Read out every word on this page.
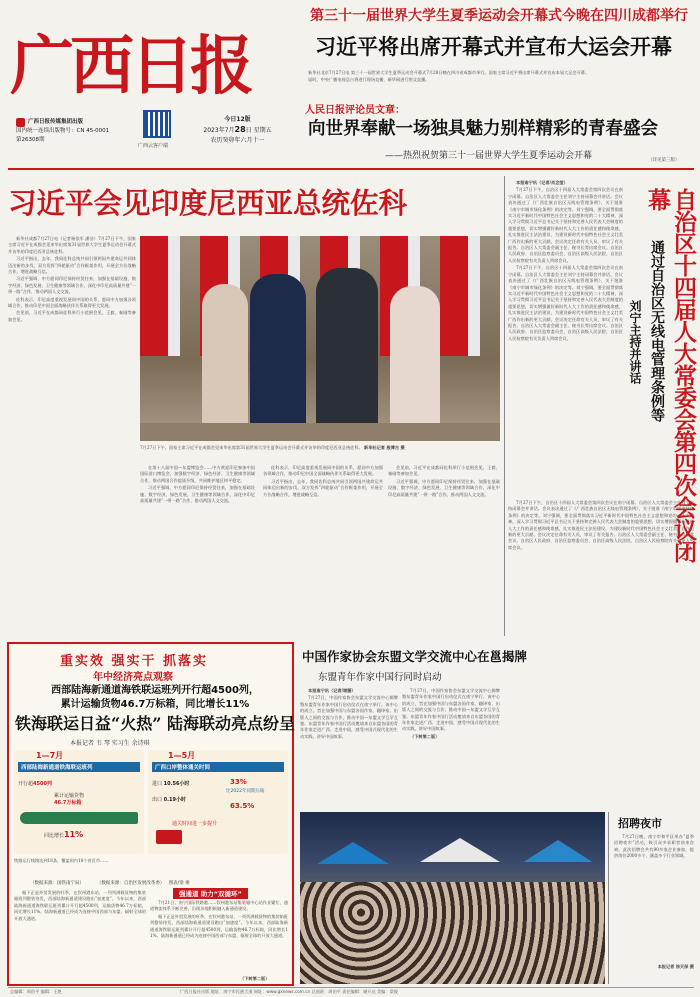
广西日报
广西日报传媒集团出版
国内统一连续出版物号：CN 45-0001
第26308期
广西云客户端
今日12版
2023年7月28日 星期五
农历癸卯年六月十一
第三十一届世界大学生夏季运动会开幕式今晚在四川成都举行
习近平将出席开幕式并宣布大运会开幕

新华社北京7月27日电 第三十一届世界大学生夏季运动会开幕式7月28日晚在四川省成都市举行。国家主席习近平将出席开幕式并宣布本届大运会开幕。

届时，中央广播电视总台将进行现场直播，新华网进行图文直播。

人民日报评论员文章：
向世界奉献一场独具魅力别样精彩的青春盛会
——热烈祝贺第三十一届世界大学生夏季运动会开幕	（详见第三版）
习近平会见印度尼西亚总统佐科

新华社成都7月27日电（记者杨依军 潘洁）7月27日下午，国家主席习近平在成都会见来华出席第31届世界大学生夏季运动会开幕式并访华的印度尼西亚总统佐科。

习近平指出，去年，我同佐科总统共同引领两国共建命运共同体迈出新的步伐，双方发挥“四轮驱动”合作框架作用，开展全方位战略合作，增进战略互信。

习近平强调，中方愿同印尼保持经贸往来，加强在基础设施、数字经济、绿色发展、卫生健康等领域合作，深化中印尼高质量共建“一带一路”合作，推动两国人文交流。

佐科表示，印尼高度重视发展同中国的关系，愿同中方加强各领域合作，推动印尼中国全面战略伙伴关系取得更大发展。

会见前，习近平在成都同佐科举行小范围会见。王毅、秦刚等参加会见。

7月27日下午，国家主席习近平在成都会见来华出席第31届世界大学生夏季运动会开幕式并访华的印度尼西亚总统佐科。 新华社记者 殷博古 摄

在第十八届中国—东盟博览会……中方欢迎印尼参加中国国际进口博览会，加强数字经济、绿色经济、卫生健康等领域合作，推动两国合作提质升级，共同维护地区和平稳定。

习近平强调，中方愿同印尼保持经贸往来，加强在基础设施、数字经济、绿色发展、卫生健康等领域合作，深化中印尼高质量共建“一带一路”合作，推动两国人文交流。

佐科表示，印尼高度重视发展同中国的关系，愿同中方加强各领域合作，推动印尼中国全面战略伙伴关系取得更大发展。

习近平指出，去年，我同佐科总统共同引领两国共建命运共同体迈出新的步伐，双方发挥“四轮驱动”合作框架作用，开展全方位战略合作，增进战略互信。

会见前，习近平在成都同佐科举行小范围会见。王毅、秦刚等参加会见。

习近平强调，中方愿同印尼保持经贸往来，加强在基础设施、数字经济、绿色发展、卫生健康等领域合作，深化中印尼高质量共建“一带一路”合作，推动两国人文交流。

本报南宁讯（记者/肖念莹）

7月27日下午，自治区十四届人大常委会第四次会议在南宁闭幕。自治区人大常委会主任刘宁主持闭幕会并讲话。会议表决通过了《广西壮族自治区无线电管理条例》、关于批准《南宁市城市绿化条例》的决定等。刘宁强调，要全面贯彻落实习近平新时代中国特色社会主义思想和党的二十大精神，深入学习贯彻习近平总书记关于坚持和完善人民代表大会制度的重要思想，切实增强做好新时代人大工作的责任感和使命感，扎实推进民主法治建设，为建设新时代中国特色社会主义壮美广西作出新的更大贡献。会议决定任命有关人员，审议了有关报告。自治区人大常委会副主任、秘书长等出席会议。自治区人民政府、自治区监察委员会、自治区高级人民法院、自治区人民检察院有关负责人列席会议。

7月27日下午，自治区十四届人大常委会第四次会议在南宁闭幕。自治区人大常委会主任刘宁主持闭幕会并讲话。会议表决通过了《广西壮族自治区无线电管理条例》、关于批准《南宁市城市绿化条例》的决定等。刘宁强调，要全面贯彻落实习近平新时代中国特色社会主义思想和党的二十大精神，深入学习贯彻习近平总书记关于坚持和完善人民代表大会制度的重要思想，切实增强做好新时代人大工作的责任感和使命感，扎实推进民主法治建设，为建设新时代中国特色社会主义壮美广西作出新的更大贡献。会议决定任命有关人员，审议了有关报告。自治区人大常委会副主任、秘书长等出席会议。自治区人民政府、自治区监察委员会、自治区高级人民法院、自治区人民检察院有关负责人列席会议。

7月27日下午，自治区十四届人大常委会第四次会议在南宁闭幕。自治区人大常委会主任刘宁主持闭幕会并讲话。会议表决通过了《广西壮族自治区无线电管理条例》、关于批准《南宁市城市绿化条例》的决定等。刘宁强调，要全面贯彻落实习近平新时代中国特色社会主义思想和党的二十大精神，深入学习贯彻习近平总书记关于坚持和完善人民代表大会制度的重要思想，切实增强做好新时代人大工作的责任感和使命感，扎实推进民主法治建设，为建设新时代中国特色社会主义壮美广西作出新的更大贡献。会议决定任命有关人员，审议了有关报告。自治区人大常委会副主任、秘书长等出席会议。自治区人民政府、自治区监察委员会、自治区高级人民法院、自治区人民检察院有关负责人列席会议。	自治区十四届人大常委会第四次会议闭幕
通过自治区无线电管理条例等
刘宁主持并讲话
重实效 强实干 抓落实
年中经济亮点观察
西部陆海新通道海铁联运班列开行超4500列，
累计运输货物46.7万标箱，同比增长11%
铁海联运日益“火热” 陆海联动亮点纷呈
本报记者 韦 琴 实习生 余诗琪
1—7月
西部陆海新通道铁海联运班列
开行超4500列
累计运输货物
46.7万标箱
同比增长11%
1—5月
广西口岸整体通关时间
进口 10.56小时
出口 0.19小时
比2022年同期压缩
33%
63.5%
通关时间进一步提升
铁路运行线路达到18条，覆盖国内18个省区市……
（数据来源：国铁南宁局）	（数据来源：自治区发展改革委） 图表/梁 俊

眼下正是外贸发展的旺季，在钦州港东站，一列列满载货物的集装箱班列整装待发，西部陆海新通道建设跑出“加速度”。今年以来，西部陆海新通道海铁联运班列累计开行超4500列，运输货物46.7万标箱，同比增长11%。陆海新通道已经成为连接中国西部与东盟、辐射全球的开放大通道。

强通道 助力“双循环”

7月21日，南宁国际铁路港……钦州港东站集装箱中心站作业繁忙，通道物流体系不断完善，沿线各地积极融入新通道建设。

眼下正是外贸发展的旺季，在钦州港东站，一列列满载货物的集装箱班列整装待发，西部陆海新通道建设跑出“加速度”。今年以来，西部陆海新通道海铁联运班列累计开行超4500列，运输货物46.7万标箱，同比增长11%。陆海新通道已经成为连接中国西部与东盟、辐射全球的开放大通道。

（下转第二版）
中国作家协会东盟文学交流中心在邕揭牌
东盟青年作家中国行同时启动

本报南宁讯（记者/谢藤）

7月27日，中国作家协会东盟文学交流中心揭牌暨东盟青年作家中国行启动仪式在南宁举行。该中心的成立，旨在加强中国与东盟各国作家、翻译家、出版人之间的交流与合作，推动中国—东盟文学互学互鉴。东盟青年作家中国行活动邀请来自东盟各国的青年作家走进广西、走进中国，感受中国式现代化的生动实践，讲好中国故事。

7月27日，中国作家协会东盟文学交流中心揭牌暨东盟青年作家中国行启动仪式在南宁举行。该中心的成立，旨在加强中国与东盟各国作家、翻译家、出版人之间的交流与合作，推动中国—东盟文学互学互鉴。东盟青年作家中国行活动邀请来自东盟各国的青年作家走进广西、走进中国，感受中国式现代化的生动实践，讲好中国故事。

（下转第二版）

招聘夜市

7月27日晚，南宁市和平区举办“夏季招聘夜市”活动，吸引众多求职者前来咨询。此次招聘会共有90多家企业参加，提供岗位2000多个，涵盖多个行业领域。

本报记者 徐天保 摄
总编辑：周伯平 编辑：王艳	广西日报社出版 地址：南宁市民族大道 网址：www.gxnews.com.cn 总值班：周伯平 责任编辑：谢开达 美编：梁俊
